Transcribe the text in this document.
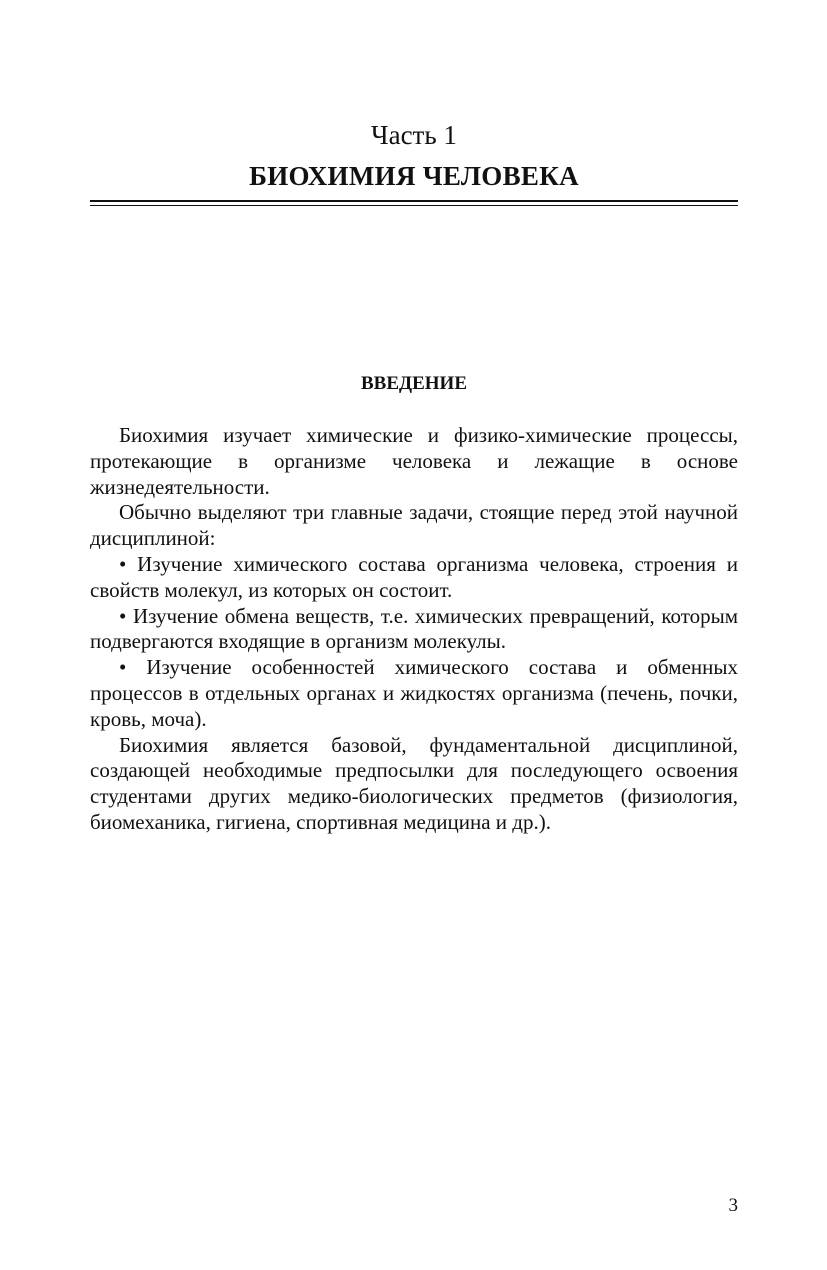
Часть 1
БИОХИМИЯ ЧЕЛОВЕКА
ВВЕДЕНИЕ

Биохимия изучает химические и физико-химические процессы, протекающие в организме человека и лежащие в основе жизнедеятельности.

Обычно выделяют три главные задачи, стоящие перед этой научной дисциплиной:

• Изучение химического состава организма человека, строения и свойств молекул, из которых он состоит.

• Изучение обмена веществ, т.е. химических превращений, которым подвергаются входящие в организм молекулы.

• Изучение особенностей химического состава и обменных процессов в отдельных органах и жидкостях организма (печень, почки, кровь, моча).

Биохимия является базовой, фундаментальной дисциплиной, создающей необходимые предпосылки для последующего освоения студентами других медико-биологических предметов (физиология, биомеханика, гигиена, спортивная медицина и др.).

3
